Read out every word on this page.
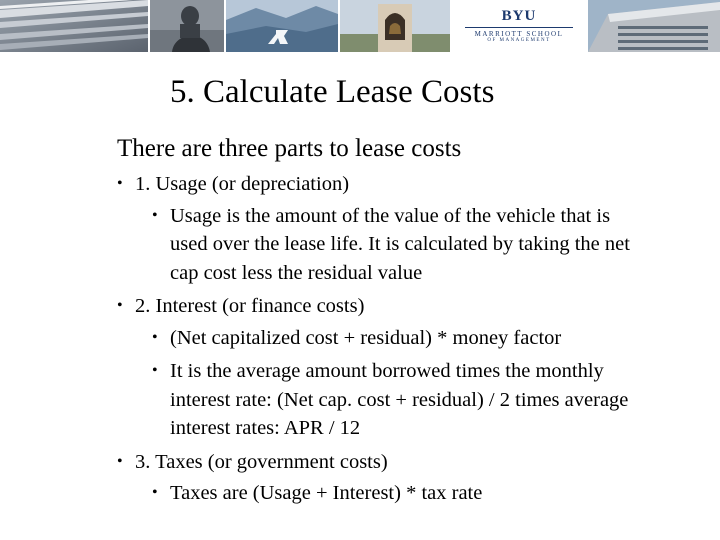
BYU
MARRIOTT SCHOOL
OF MANAGEMENT
5. Calculate Lease Costs

There are three parts to lease costs

• 1. Usage (or depreciation)
• Usage is the amount of the value of the vehicle that is used over the lease life. It is calculated by taking the net cap cost less the residual value
• 2. Interest (or finance costs)
• (Net capitalized cost + residual) * money factor
• It is the average amount borrowed times the monthly interest rate: (Net cap. cost + residual) / 2 times average interest rates: APR / 12
• 3. Taxes (or government costs)
• Taxes are (Usage + Interest) * tax rate
